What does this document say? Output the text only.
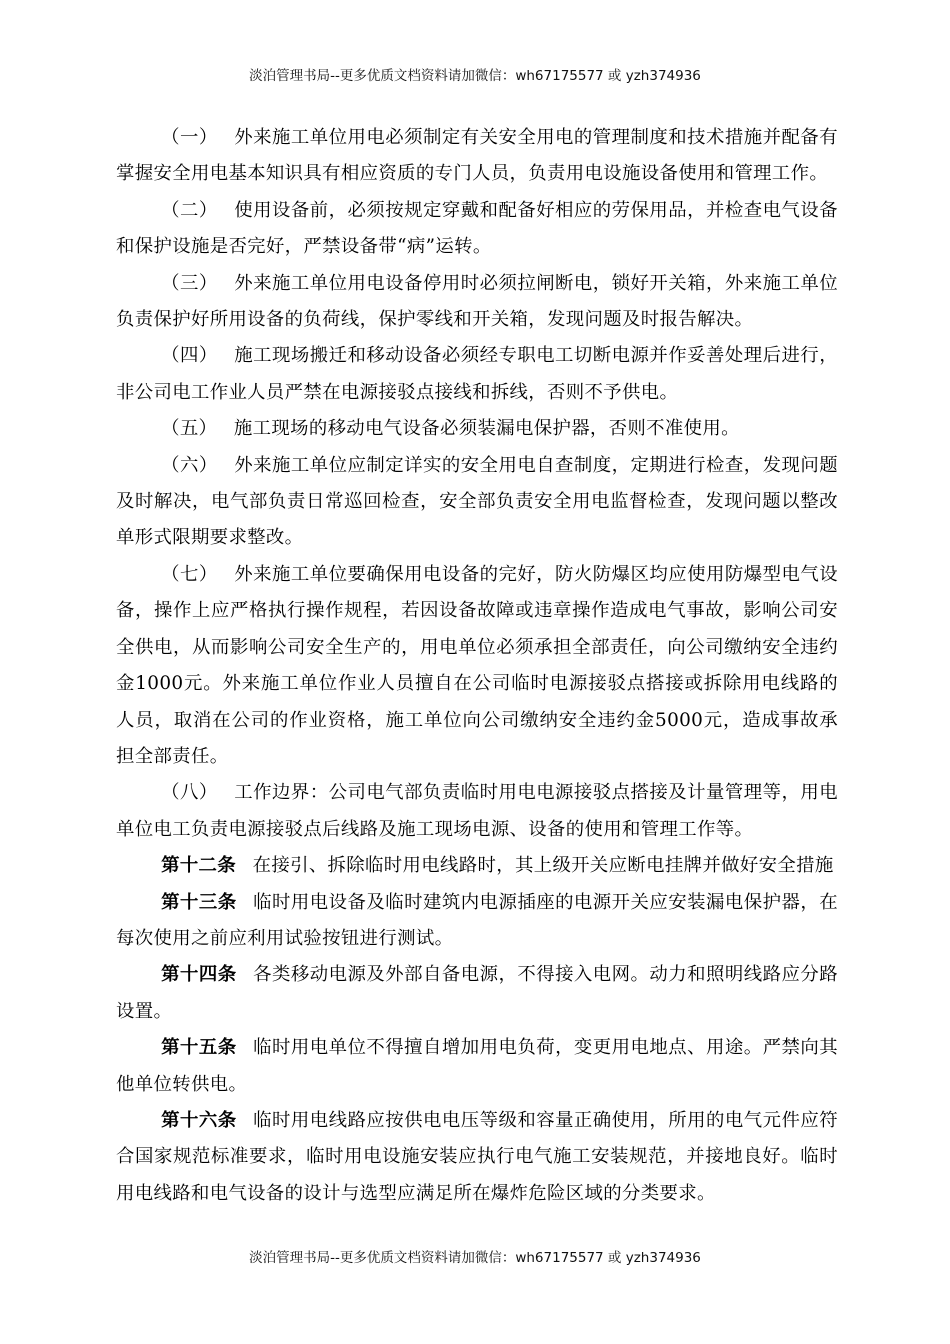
淡泊管理书局--更多优质文档资料请加微信：wh67175577 或 yzh374936

（一） 外来施工单位用电必须制定有关安全用电的管理制度和技术措施并配备有掌握安全用电基本知识具有相应资质的专门人员，负责用电设施设备使用和管理工作。

（二） 使用设备前，必须按规定穿戴和配备好相应的劳保用品，并检查电气设备和保护设施是否完好，严禁设备带“病”运转。

（三） 外来施工单位用电设备停用时必须拉闸断电，锁好开关箱，外来施工单位负责保护好所用设备的负荷线，保护零线和开关箱，发现问题及时报告解决。

（四） 施工现场搬迁和移动设备必须经专职电工切断电源并作妥善处理后进行，非公司电工作业人员严禁在电源接驳点接线和拆线，否则不予供电。

（五） 施工现场的移动电气设备必须装漏电保护器，否则不准使用。

（六） 外来施工单位应制定详实的安全用电自查制度，定期进行检查，发现问题及时解决，电气部负责日常巡回检查，安全部负责安全用电监督检查，发现问题以整改单形式限期要求整改。

（七） 外来施工单位要确保用电设备的完好，防火防爆区均应使用防爆型电气设备，操作上应严格执行操作规程，若因设备故障或违章操作造成电气事故，影响公司安全供电，从而影响公司安全生产的，用电单位必须承担全部责任，向公司缴纳安全违约金1000元。外来施工单位作业人员擅自在公司临时电源接驳点搭接或拆除用电线路的人员，取消在公司的作业资格，施工单位向公司缴纳安全违约金5000元，造成事故承担全部责任。

（八） 工作边界：公司电气部负责临时用电电源接驳点搭接及计量管理等，用电单位电工负责电源接驳点后线路及施工现场电源、设备的使用和管理工作等。

第十二条 在接引、拆除临时用电线路时，其上级开关应断电挂牌并做好安全措施

第十三条 临时用电设备及临时建筑内电源插座的电源开关应安装漏电保护器，在每次使用之前应利用试验按钮进行测试。

第十四条 各类移动电源及外部自备电源，不得接入电网。动力和照明线路应分路设置。

第十五条 临时用电单位不得擅自增加用电负荷，变更用电地点、用途。严禁向其他单位转供电。

第十六条 临时用电线路应按供电电压等级和容量正确使用，所用的电气元件应符合国家规范标准要求，临时用电设施安装应执行电气施工安装规范，并接地良好。临时用电线路和电气设备的设计与选型应满足所在爆炸危险区域的分类要求。

淡泊管理书局--更多优质文档资料请加微信：wh67175577 或 yzh374936
